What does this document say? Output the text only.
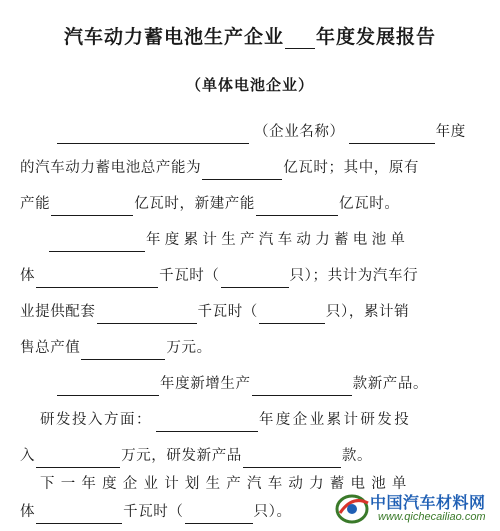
汽车动力蓄电池生产企业 年度发展报告
（单体电池企业）
（企业名称）	年度
的汽车动力蓄电池总产能为	亿瓦时；其中，原有
产能	亿瓦时，新建产能	亿瓦时。
年度累计生产汽车动力蓄电池单
体	千瓦时（	只）；共计为汽车行
业提供配套	千瓦时（	只），累计销
售总产值	万元。
年度新增生产	款新产品。
研发投入方面：	年度企业累计研发投
入	万元，研发新产品	款。
下一年度企业计划生产汽车动力蓄电池单
体	千瓦时（	只）。	中国汽车材料网
www.qichecailiao.com
